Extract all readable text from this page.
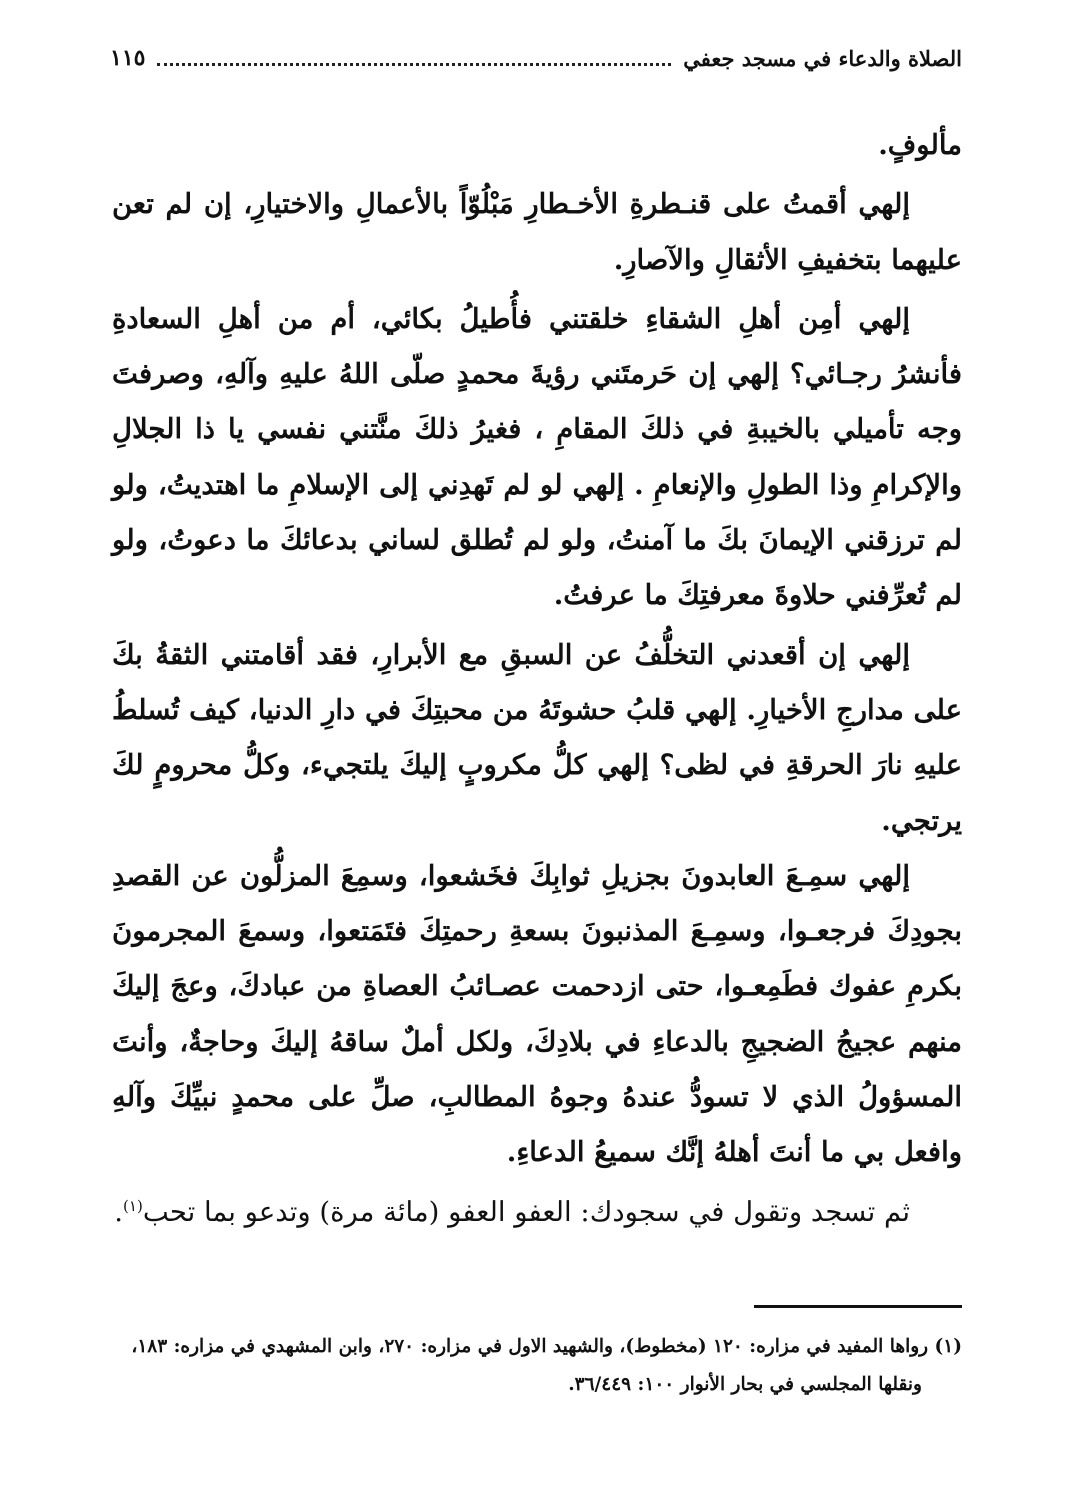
الصلاة والدعاء في مسجد جعفي
١١٥

مألوفٍ.

إلهي أقمتُ على قنـطرةِ الأخـطارِ مَبْلُوّاً بالأعمالِ والاختيارِ، إن لم تعن عليهما بتخفيفِ الأثقالِ والآصارِ.

إلهي أمِن أهلِ الشقاءِ خلقتني فأُطيلُ بكائي، أم من أهلِ السعادةِ فأنشرُ رجـائي؟ إلهي إن حَرمتَني رؤيةَ محمدٍ صلّى اللهُ عليهِ وآلهِ، وصرفتَ وجه تأميلي بالخيبةِ في ذلكَ المقامِ ، فغيرُ ذلكَ منَّتني نفسي يا ذا الجلالِ والإكرامِ وذا الطولِ والإنعامِ . إلهي لو لم تَهدِني إلى الإسلامِ ما اهتديتُ، ولو لم ترزقني الإيمانَ بكَ ما آمنتُ، ولو لم تُطلق لساني بدعائكَ ما دعوتُ، ولو لم تُعرِّفني حلاوةَ معرفتِكَ ما عرفتُ.

إلهي إن أقعدني التخلُّفُ عن السبقِ مع الأبرارِ، فقد أقامتني الثقةُ بكَ على مدارجِ الأخيارِ. إلهي قلبُ حشوتَهُ من محبتِكَ في دارِ الدنيا، كيف تُسلطُ عليهِ نارَ الحرقةِ في لظى؟ إلهي كلُّ مكروبٍ إليكَ يلتجيء، وكلُّ محرومٍ لكَ يرتجي.

إلهي سمِـعَ العابدونَ بجزيلِ ثوابِكَ فخَشعوا، وسمِعَ المزلُّون عن القصدِ بجودِكَ فرجعـوا، وسمِـعَ المذنبونَ بسعةِ رحمتِكَ فتَمَتعوا، وسمعَ المجرمونَ بكرمِ عفوك فطَمِعـوا، حتى ازدحمت عصـائبُ العصاةِ من عبادكَ، وعجَ إليكَ منهم عجيجُ الضجيجِ بالدعاءِ في بلادِكَ، ولكل أملٌ ساقهُ إليكَ وحاجةٌ، وأنتَ المسؤولُ الذي لا تسودُّ عندهُ وجوهُ المطالبِ، صلِّ على محمدٍ نبيِّكَ وآلهِ وافعل بي ما أنتَ أهلهُ إنَّك سميعُ الدعاءِ.

ثم تسجد وتقول في سجودك: العفو العفو (مائة مرة) وتدعو بما تحب$^{(١)}$.

(١) رواها المفيد في مزاره: ١٢٠ (مخطوط)، والشهيد الاول في مزاره: ٢٧٠، وابن المشهدي في مزاره: ١٨٣،

ونقلها المجلسي في بحار الأنوار ١٠٠: ٣٦/٤٤٩.
